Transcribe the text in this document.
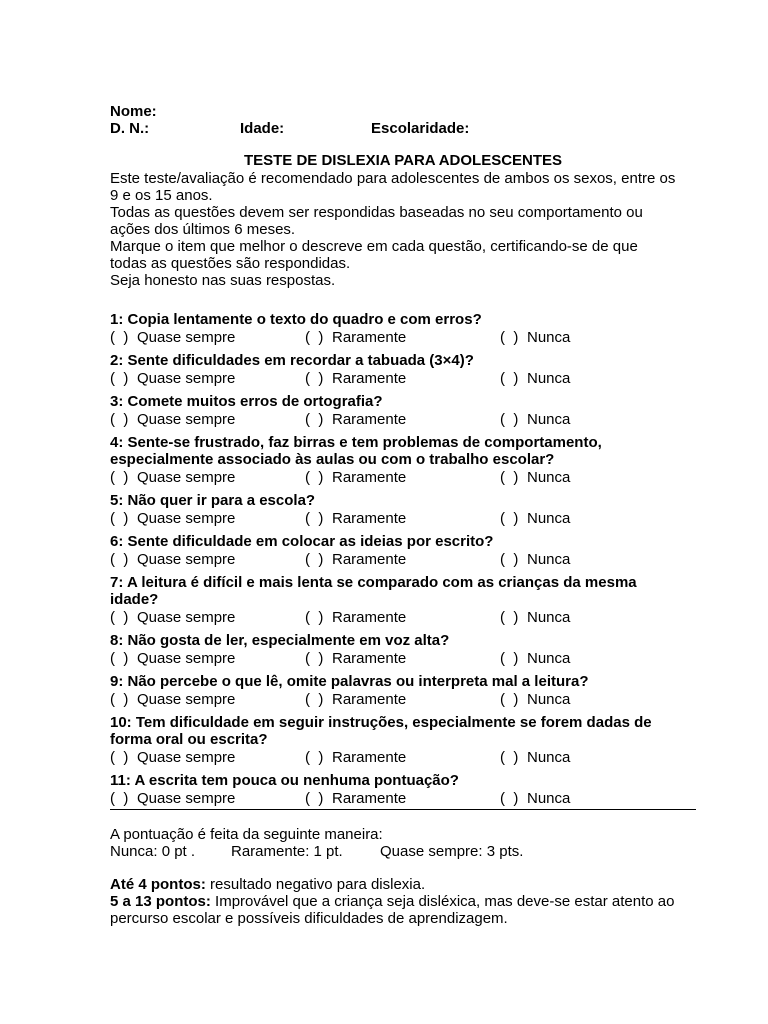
Nome:
D. N.:	Idade:	Escolaridade:
TESTE DE DISLEXIA PARA ADOLESCENTES
Este teste/avaliação é recomendado para adolescentes de ambos os sexos, entre os
9 e os 15 anos.
Todas as questões devem ser respondidas baseadas no seu comportamento ou
ações dos últimos 6 meses.
Marque o item que melhor o descreve em cada questão, certificando-se de que
todas as questões são respondidas.
Seja honesto nas suas respostas.
1: Copia lentamente o texto do quadro e com erros?
(  ) Quase sempre	(  ) Raramente	(  ) Nunca
2: Sente dificuldades em recordar a tabuada (3×4)?
(  ) Quase sempre	(  ) Raramente	(  ) Nunca
3: Comete muitos erros de ortografia?
(  ) Quase sempre	(  ) Raramente	(  ) Nunca
4: Sente-se frustrado, faz birras e tem problemas de comportamento,
especialmente associado às aulas ou com o trabalho escolar?
(  ) Quase sempre	(  ) Raramente	(  ) Nunca
5: Não quer ir para a escola?
(  ) Quase sempre	(  ) Raramente	(  ) Nunca
6: Sente dificuldade em colocar as ideias por escrito?
(  ) Quase sempre	(  ) Raramente	(  ) Nunca
7: A leitura é difícil e mais lenta se comparado com as crianças da mesma
idade?
(  ) Quase sempre	(  ) Raramente	(  ) Nunca
8: Não gosta de ler, especialmente em voz alta?
(  ) Quase sempre	(  ) Raramente	(  ) Nunca
9: Não percebe o que lê, omite palavras ou interpreta mal a leitura?
(  ) Quase sempre	(  ) Raramente	(  ) Nunca
10: Tem dificuldade em seguir instruções, especialmente se forem dadas de
forma oral ou escrita?
(  ) Quase sempre	(  ) Raramente	(  ) Nunca
11: A escrita tem pouca ou nenhuma pontuação?
(  ) Quase sempre	(  ) Raramente	(  ) Nunca
A pontuação é feita da seguinte maneira:
Nunca: 0 pt .	Raramente: 1 pt.	Quase sempre: 3 pts.
Até 4 pontos: resultado negativo para dislexia.
5 a 13 pontos: Improvável que a criança seja disléxica, mas deve-se estar atento ao
percurso escolar e possíveis dificuldades de aprendizagem.
